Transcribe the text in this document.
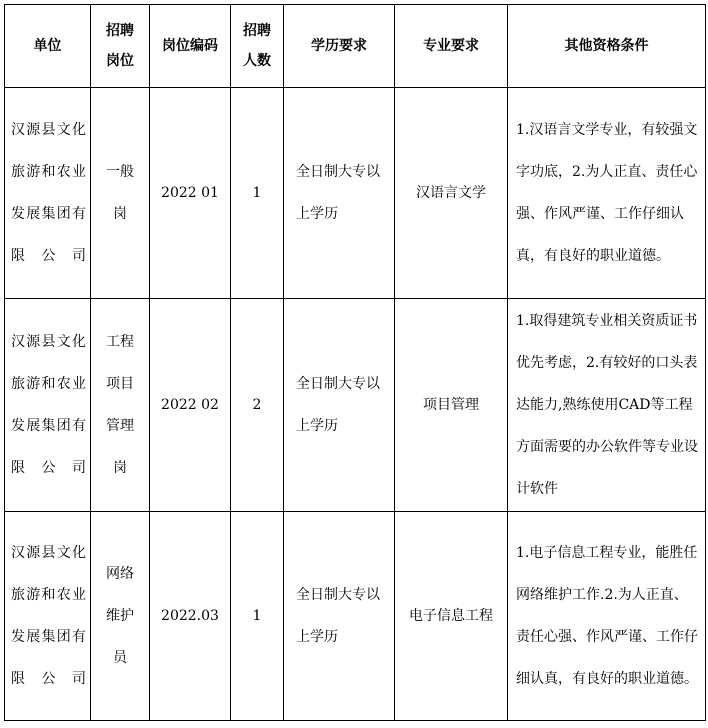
单位	招聘岗位	岗位编码	招聘人数	学历要求	专业要求	其他资格条件
汉源县文化旅游和农业发展集团有限公司	一般岗	2022 01	1	全日制大专以上学历	汉语言文学	1.汉语言文学专业，有较强文字功底，2.为人正直、责任心强、作风严谨、工作仔细认真，有良好的职业道德。
汉源县文化旅游和农业发展集团有限公司	工程项目管理岗	2022 02	2	全日制大专以上学历	项目管理	1.取得建筑专业相关资质证书优先考虑，2.有较好的口头表达能力,熟练使用CAD等工程方面需要的办公软件等专业设计软件
汉源县文化旅游和农业发展集团有限公司	网络维护员	2022.03	1	全日制大专以上学历	电子信息工程	1.电子信息工程专业，能胜任网络维护工作.2.为人正直、责任心强、作风严谨、工作仔细认真，有良好的职业道德。
